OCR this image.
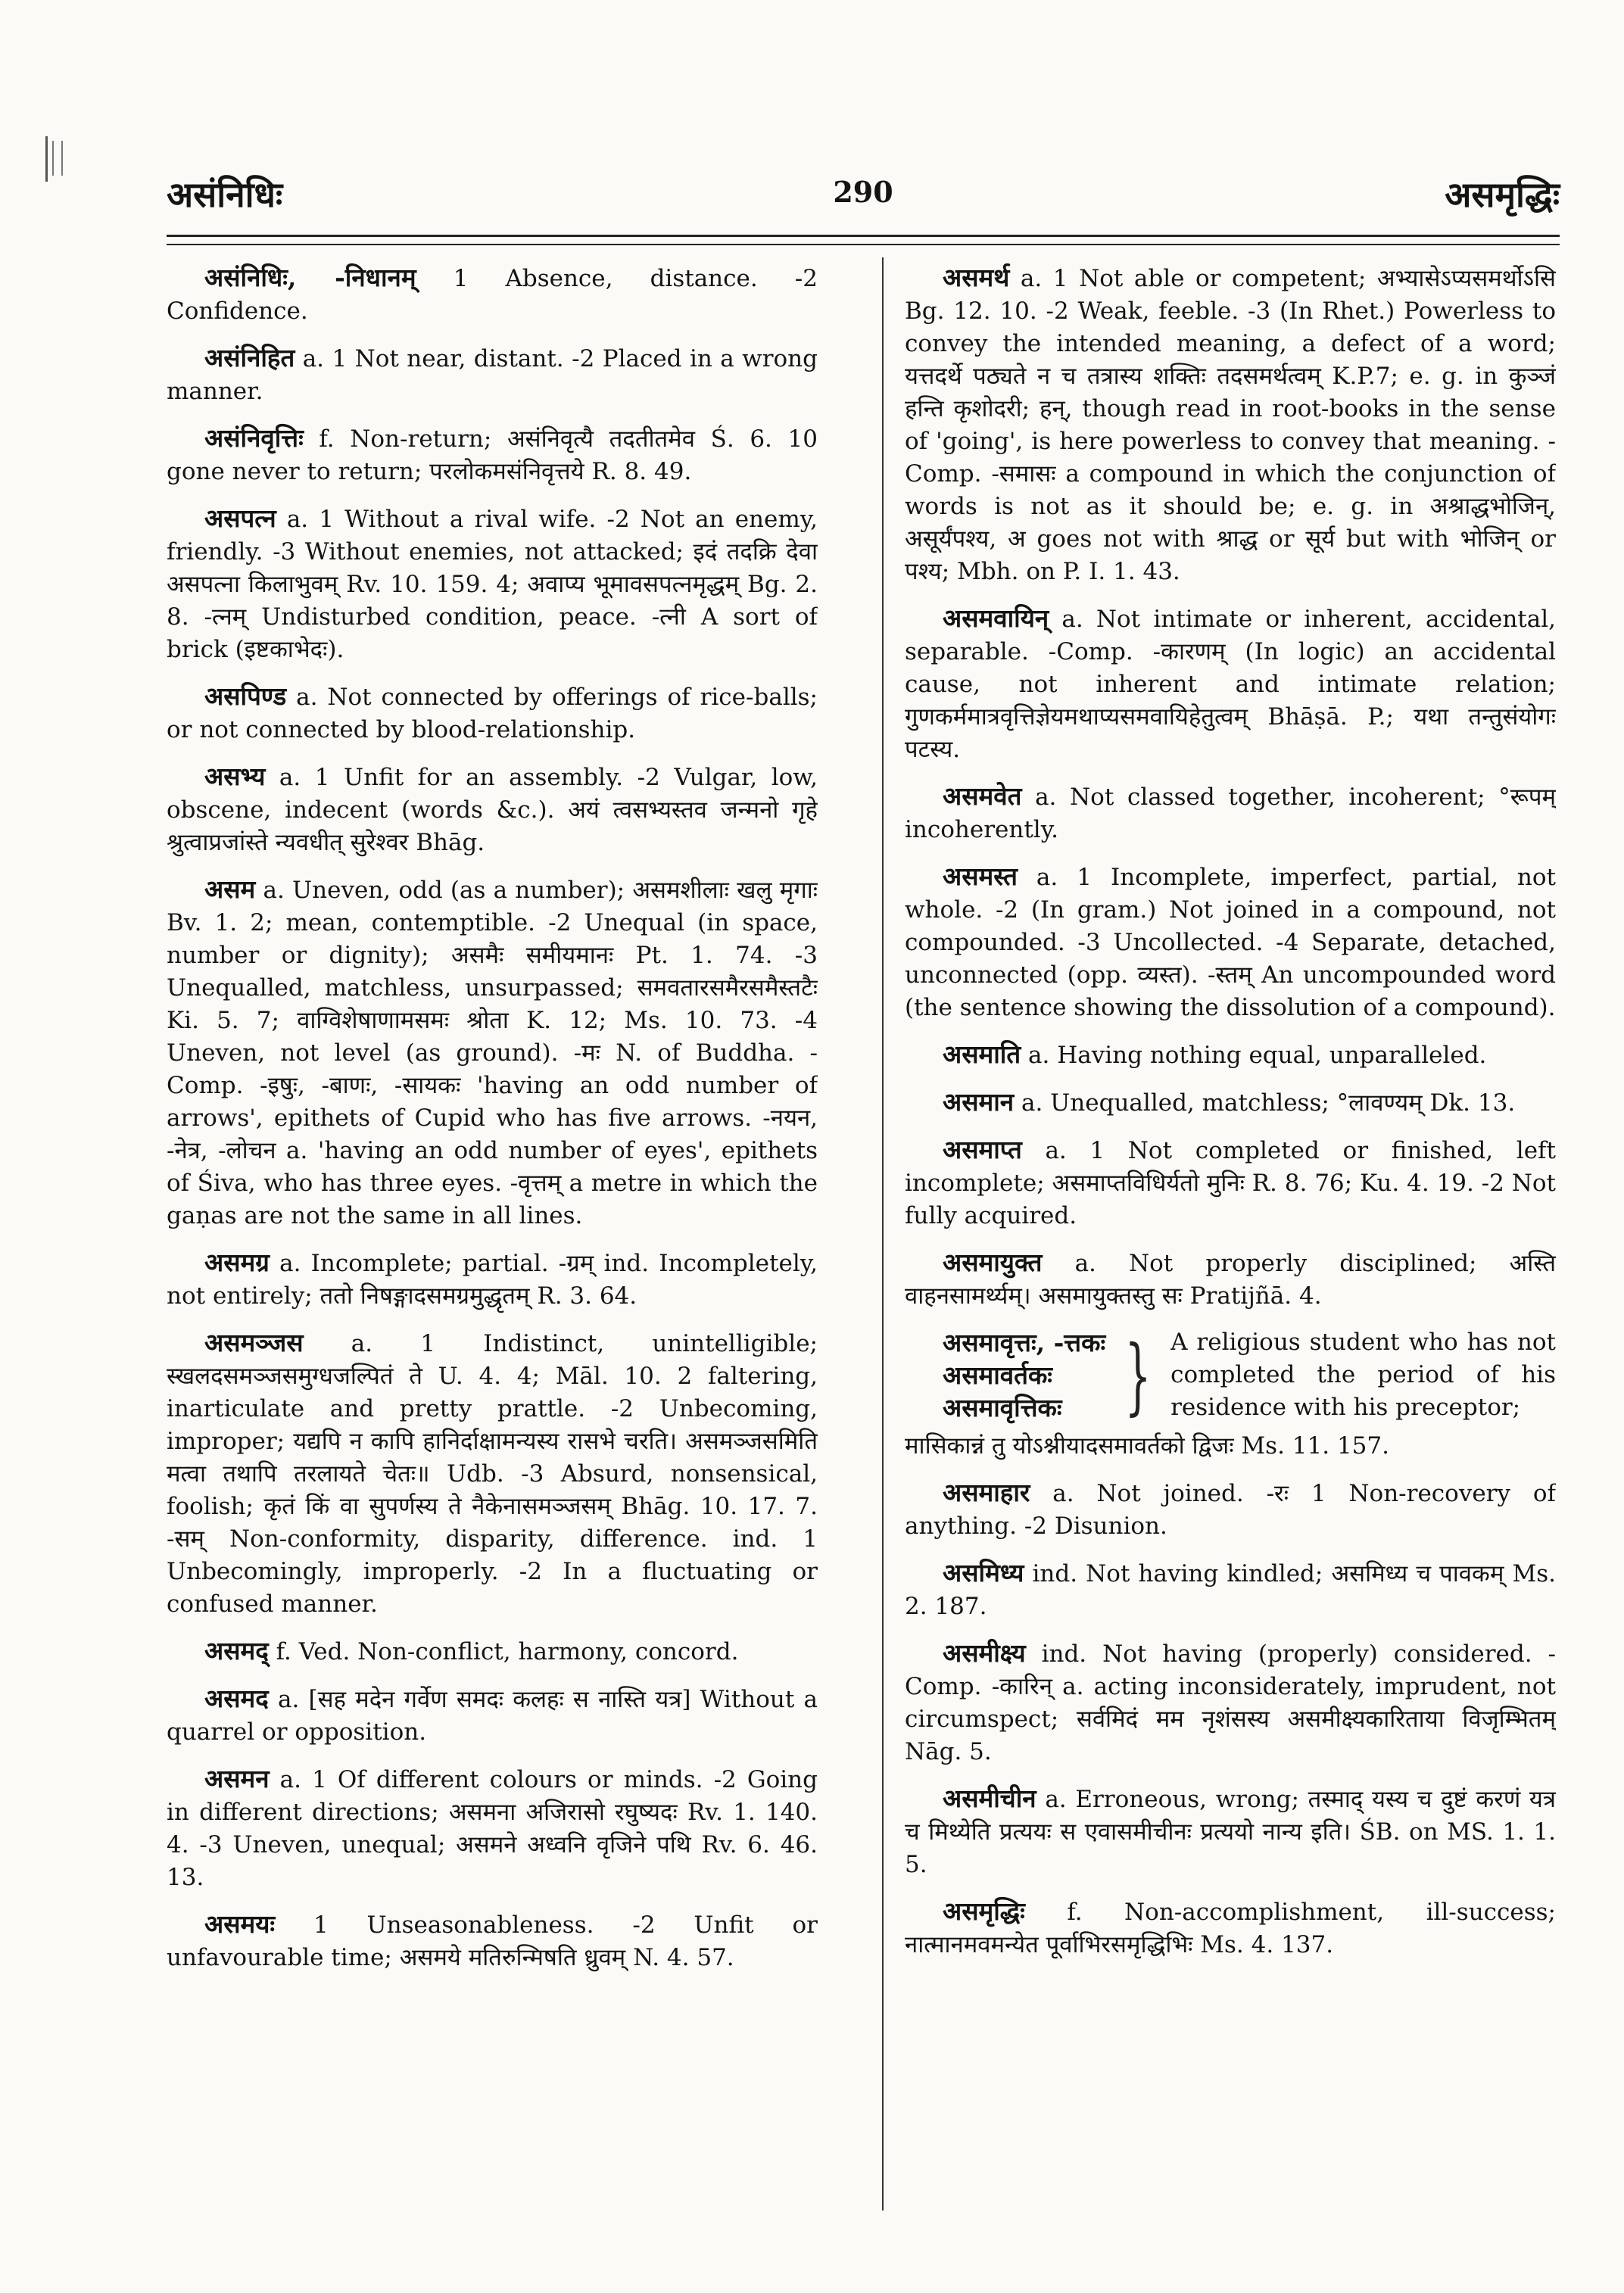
असंनिधिः	290	असमृद्धिः

असंनिधिः, -निधानम् 1 Absence, distance. -2 Confidence.

असंनिहित a. 1 Not near, distant. -2 Placed in a wrong manner.

असंनिवृत्तिः f. Non-return; असंनिवृत्यै तदतीतमेव Ś. 6. 10 gone never to return; परलोकमसंनिवृत्तये R. 8. 49.

असपत्न a. 1 Without a rival wife. -2 Not an enemy, friendly. -3 Without enemies, not attacked; इदं तदक्रि देवा असपत्ना किलाभुवम् Rv. 10. 159. 4; अवाप्य भूमावसपत्नमृद्धम् Bg. 2. 8. -त्नम् Undisturbed condition, peace. -त्नी A sort of brick (इष्टकाभेदः).

असपिण्ड a. Not connected by offerings of rice-balls; or not connected by blood-relationship.

असभ्य a. 1 Unfit for an assembly. -2 Vulgar, low, obscene, indecent (words &c.). अयं त्वसभ्यस्तव जन्मनो गृहे श्रुत्वाप्रजांस्ते न्यवधीत् सुरेश्वर Bhāg.

असम a. Uneven, odd (as a number); असमशीलाः खलु मृगाः Bv. 1. 2; mean, contemptible. -2 Unequal (in space, number or dignity); असमैः समीयमानः Pt. 1. 74. -3 Unequalled, matchless, unsurpassed; समवतारसमैरसमैस्तटैः Ki. 5. 7; वाग्विशेषाणामसमः श्रोता K. 12; Ms. 10. 73. -4 Uneven, not level (as ground). -मः N. of Buddha. -Comp. -इषुः, -बाणः, -सायकः 'having an odd number of arrows', epithets of Cupid who has five arrows. -नयन, -नेत्र, -लोचन a. 'having an odd number of eyes', epithets of Śiva, who has three eyes. -वृत्तम् a metre in which the gaṇas are not the same in all lines.

असमग्र a. Incomplete; partial. -ग्रम् ind. Incompletely, not entirely; ततो निषङ्गादसमग्रमुद्धृतम् R. 3. 64.

असमञ्जस a. 1 Indistinct, unintelligible; स्खलदसमञ्जसमुग्धजल्पितं ते U. 4. 4; Māl. 10. 2 faltering, inarticulate and pretty prattle. -2 Unbecoming, improper; यद्यपि न कापि हानिर्दाक्षामन्यस्य रासभे चरति। असमञ्जसमिति मत्वा तथापि तरलायते चेतः॥ Udb. -3 Absurd, nonsensical, foolish; कृतं किं वा सुपर्णस्य ते नैकेनासमञ्जसम् Bhāg. 10. 17. 7. -सम् Non-conformity, disparity, difference. ind. 1 Unbecomingly, improperly. -2 In a fluctuating or confused manner.

असमद् f. Ved. Non-conflict, harmony, concord.

असमद a. [सह मदेन गर्वेण समदः कलहः स नास्ति यत्र] Without a quarrel or opposition.

असमन a. 1 Of different colours or minds. -2 Going in different directions; असमना अजिरासो रघुष्यदः Rv. 1. 140. 4. -3 Uneven, unequal; असमने अध्वनि वृजिने पथि Rv. 6. 46. 13.

असमयः 1 Unseasonableness. -2 Unfit or unfavourable time; असमये मतिरुन्मिषति ध्रुवम् N. 4. 57.

असमर्थ a. 1 Not able or competent; अभ्यासेऽप्यसमर्थोऽसि Bg. 12. 10. -2 Weak, feeble. -3 (In Rhet.) Powerless to convey the intended meaning, a defect of a word; यत्तदर्थे पठ्यते न च तत्रास्य शक्तिः तदसमर्थत्वम् K.P.7; e. g. in कुञ्जं हन्ति कृशोदरी; हन्, though read in root-books in the sense of 'going', is here powerless to convey that meaning. -Comp. -समासः a compound in which the conjunction of words is not as it should be; e. g. in अश्राद्धभोजिन्, असूर्यंपश्य, अ goes not with श्राद्ध or सूर्य but with भोजिन् or पश्य; Mbh. on P. I. 1. 43.

असमवायिन् a. Not intimate or inherent, accidental, separable. -Comp. -कारणम् (In logic) an accidental cause, not inherent and intimate relation; गुणकर्ममात्रवृत्तिज्ञेयमथाप्यसमवायिहेतुत्वम् Bhāṣā. P.; यथा तन्तुसंयोगः पटस्य.

असमवेत a. Not classed together, incoherent; °रूपम् incoherently.

असमस्त a. 1 Incomplete, imperfect, partial, not whole. -2 (In gram.) Not joined in a compound, not compounded. -3 Uncollected. -4 Separate, detached, unconnected (opp. व्यस्त). -स्तम् An uncompounded word (the sentence showing the dissolution of a compound).

असमाति a. Having nothing equal, unparalleled.

असमान a. Unequalled, matchless; °लावण्यम् Dk. 13.

असमाप्त a. 1 Not completed or finished, left incomplete; असमाप्तविधिर्यतो मुनिः R. 8. 76; Ku. 4. 19. -2 Not fully acquired.

असमायुक्त a. Not properly disciplined; अस्ति वाहनसामर्थ्यम्। असमायुक्तस्तु सः Pratijñā. 4.

असमावृत्तः, -त्तकः
असमावर्तकः
असमावृत्तिकः } A religious student who has not completed the period of his residence with his preceptor;

मासिकान्नं तु योऽश्नीयादसमावर्तको द्विजः Ms. 11. 157.

असमाहार a. Not joined. -रः 1 Non-recovery of anything. -2 Disunion.

असमिध्य ind. Not having kindled; असमिध्य च पावकम् Ms. 2. 187.

असमीक्ष्य ind. Not having (properly) considered. -Comp. -कारिन् a. acting inconsiderately, imprudent, not circumspect; सर्वमिदं मम नृशंसस्य असमीक्ष्यकारिताया विजृम्भितम् Nāg. 5.

असमीचीन a. Erroneous, wrong; तस्माद् यस्य च दुष्टं करणं यत्र च मिथ्येति प्रत्ययः स एवासमीचीनः प्रत्ययो नान्य इति। ŚB. on MS. 1. 1. 5.

असमृद्धिः f. Non-accomplishment, ill-success; नात्मानमवमन्येत पूर्वाभिरसमृद्धिभिः Ms. 4. 137.
